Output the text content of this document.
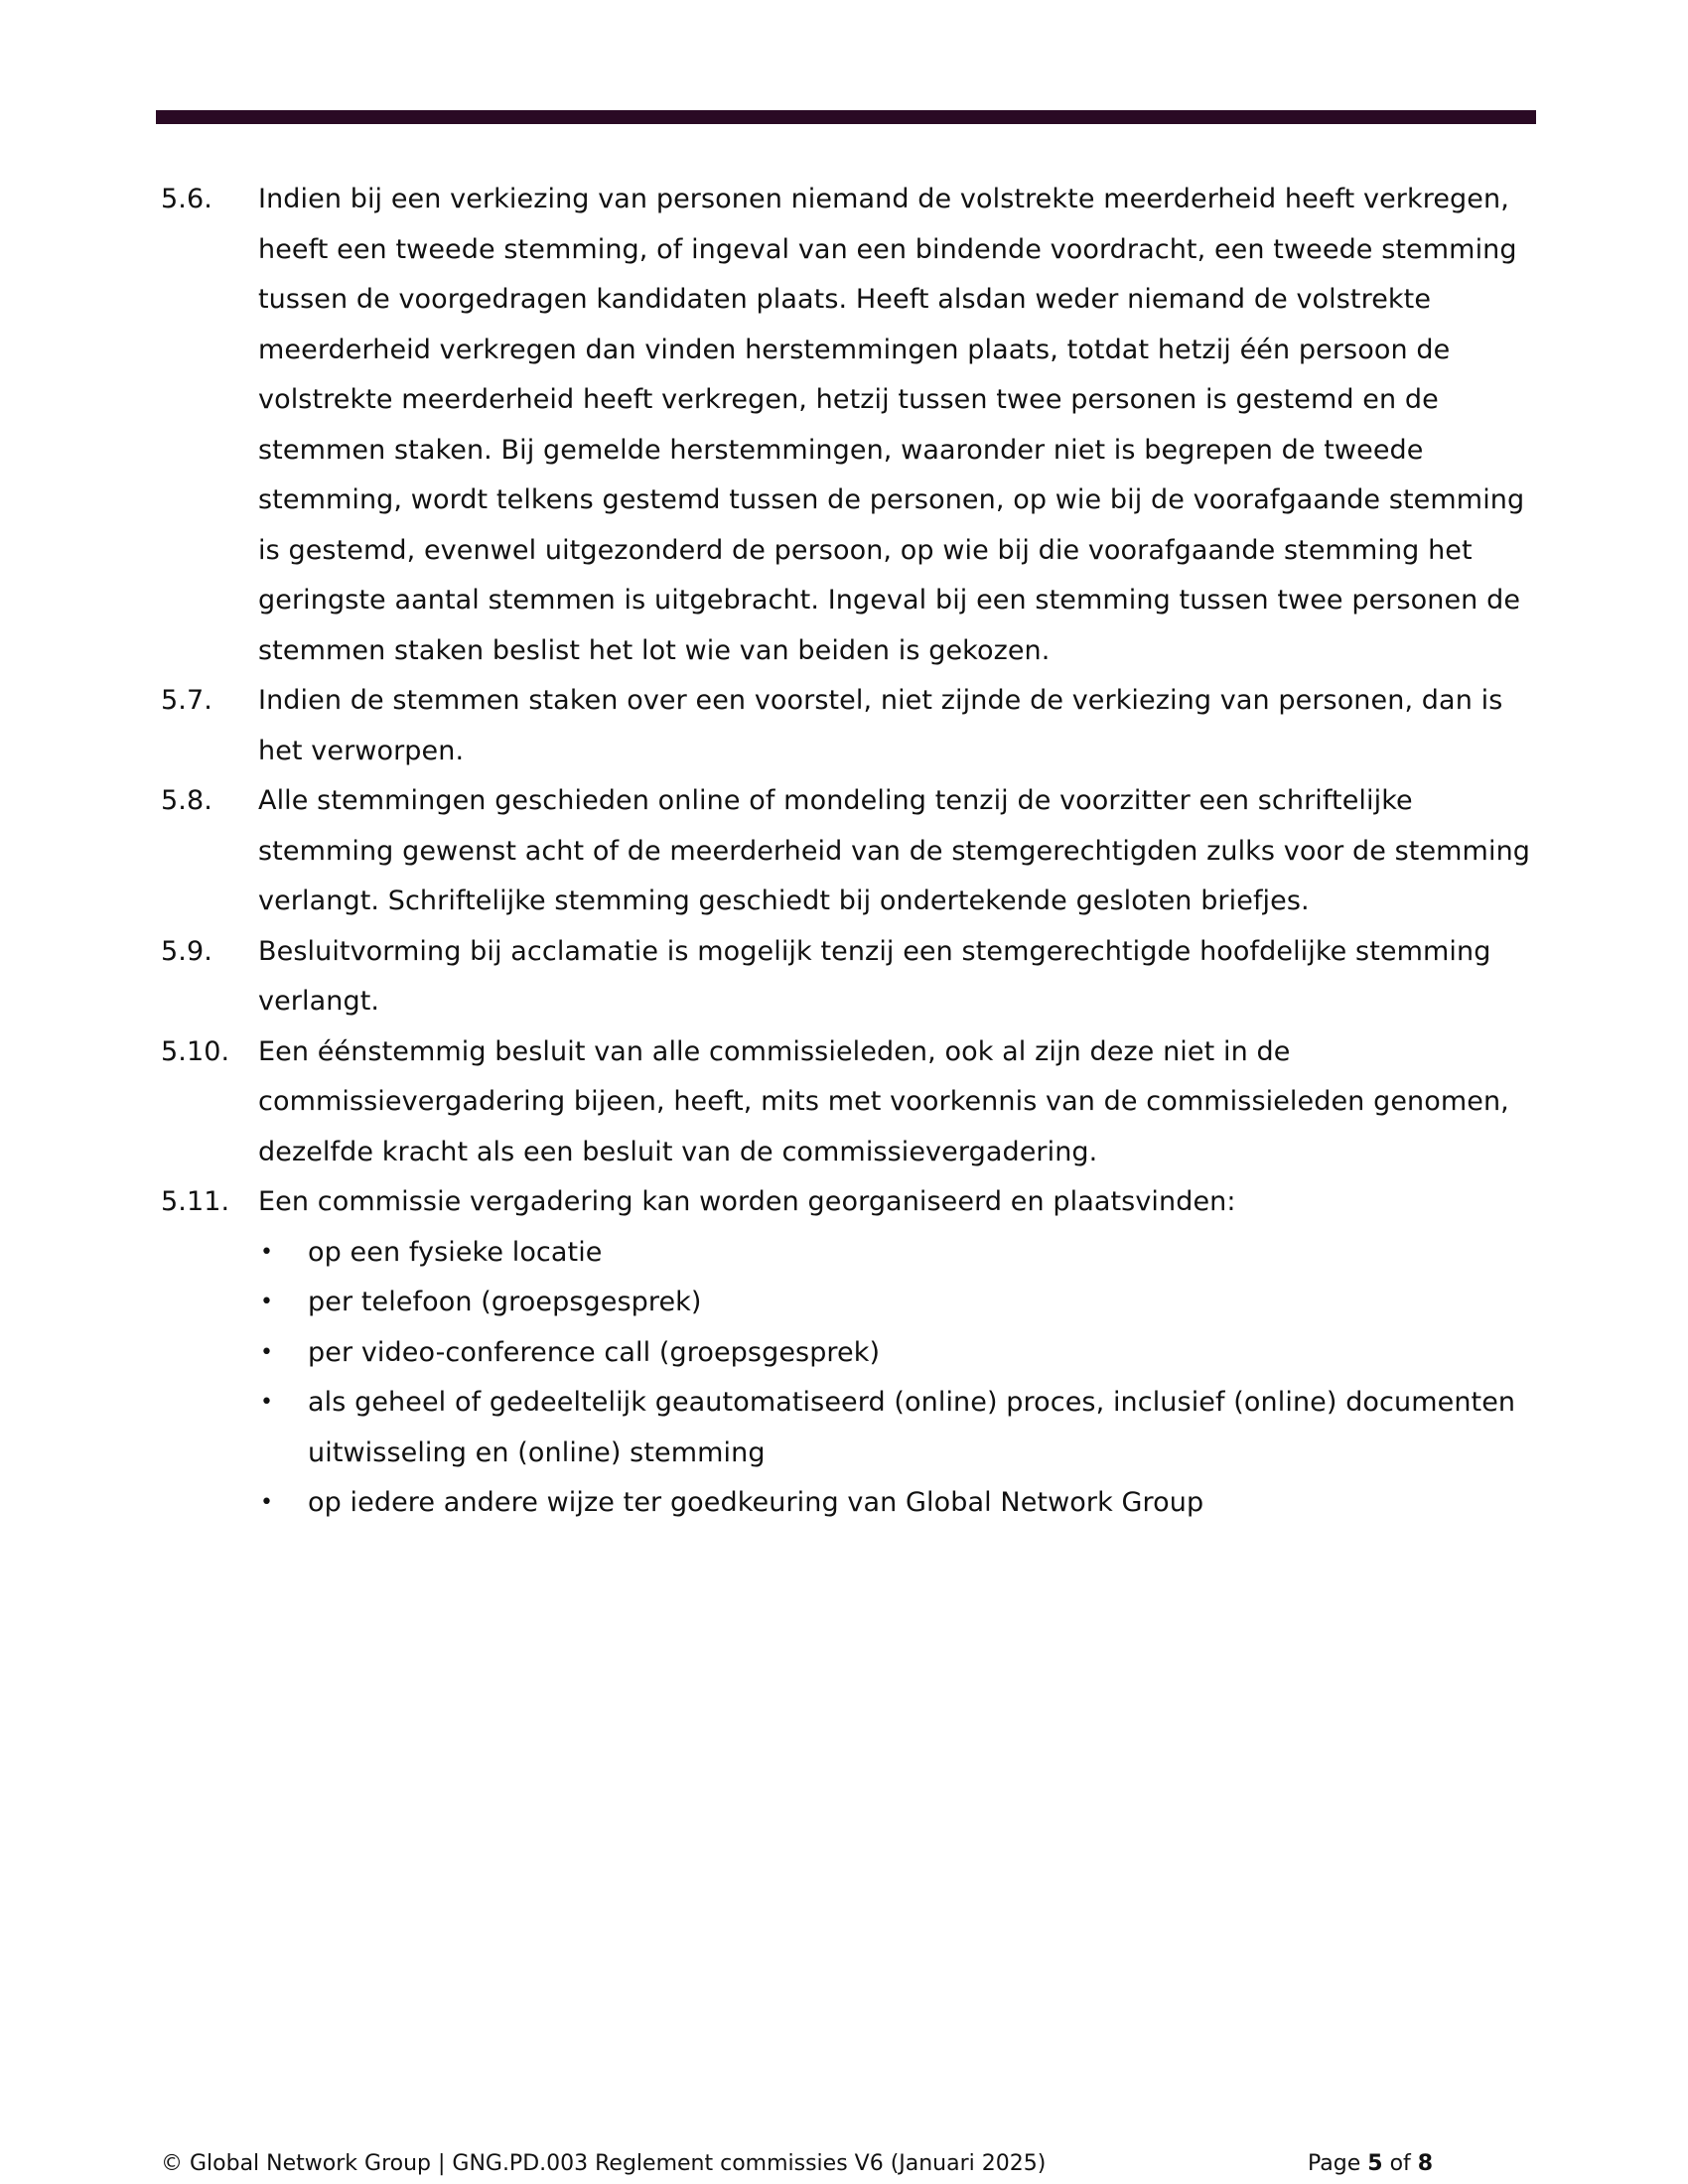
5.6. Indien bij een verkiezing van personen niemand de volstrekte meerderheid heeft verkregen, heeft een tweede stemming, of ingeval van een bindende voordracht, een tweede stemming tussen de voorgedragen kandidaten plaats. Heeft alsdan weder niemand de volstrekte meerderheid verkregen dan vinden herstemmingen plaats, totdat hetzij één persoon de volstrekte meerderheid heeft verkregen, hetzij tussen twee personen is gestemd en de stemmen staken. Bij gemelde herstemmingen, waaronder niet is begrepen de tweede stemming, wordt telkens gestemd tussen de personen, op wie bij de voorafgaande stemming is gestemd, evenwel uitgezonderd de persoon, op wie bij die voorafgaande stemming het geringste aantal stemmen is uitgebracht. Ingeval bij een stemming tussen twee personen de stemmen staken beslist het lot wie van beiden is gekozen.
5.7. Indien de stemmen staken over een voorstel, niet zijnde de verkiezing van personen, dan is het verworpen.
5.8. Alle stemmingen geschieden online of mondeling tenzij de voorzitter een schriftelijke stemming gewenst acht of de meerderheid van de stemgerechtigden zulks voor de stemming verlangt. Schriftelijke stemming geschiedt bij ondertekende gesloten briefjes.
5.9. Besluitvorming bij acclamatie is mogelijk tenzij een stemgerechtigde hoofdelijke stemming verlangt.
5.10. Een éénstemmig besluit van alle commissieleden, ook al zijn deze niet in de commissievergadering bijeen, heeft, mits met voorkennis van de commissieleden genomen, dezelfde kracht als een besluit van de commissievergadering.
5.11. Een commissie vergadering kan worden georganiseerd en plaatsvinden:
• op een fysieke locatie
• per telefoon (groepsgesprek)
• per video-conference call (groepsgesprek)
• als geheel of gedeeltelijk geautomatiseerd (online) proces, inclusief (online) documenten uitwisseling en (online) stemming
• op iedere andere wijze ter goedkeuring van Global Network Group
© Global Network Group | GNG.PD.003 Reglement commissies V6 (Januari 2025)	Page 5 of 8
